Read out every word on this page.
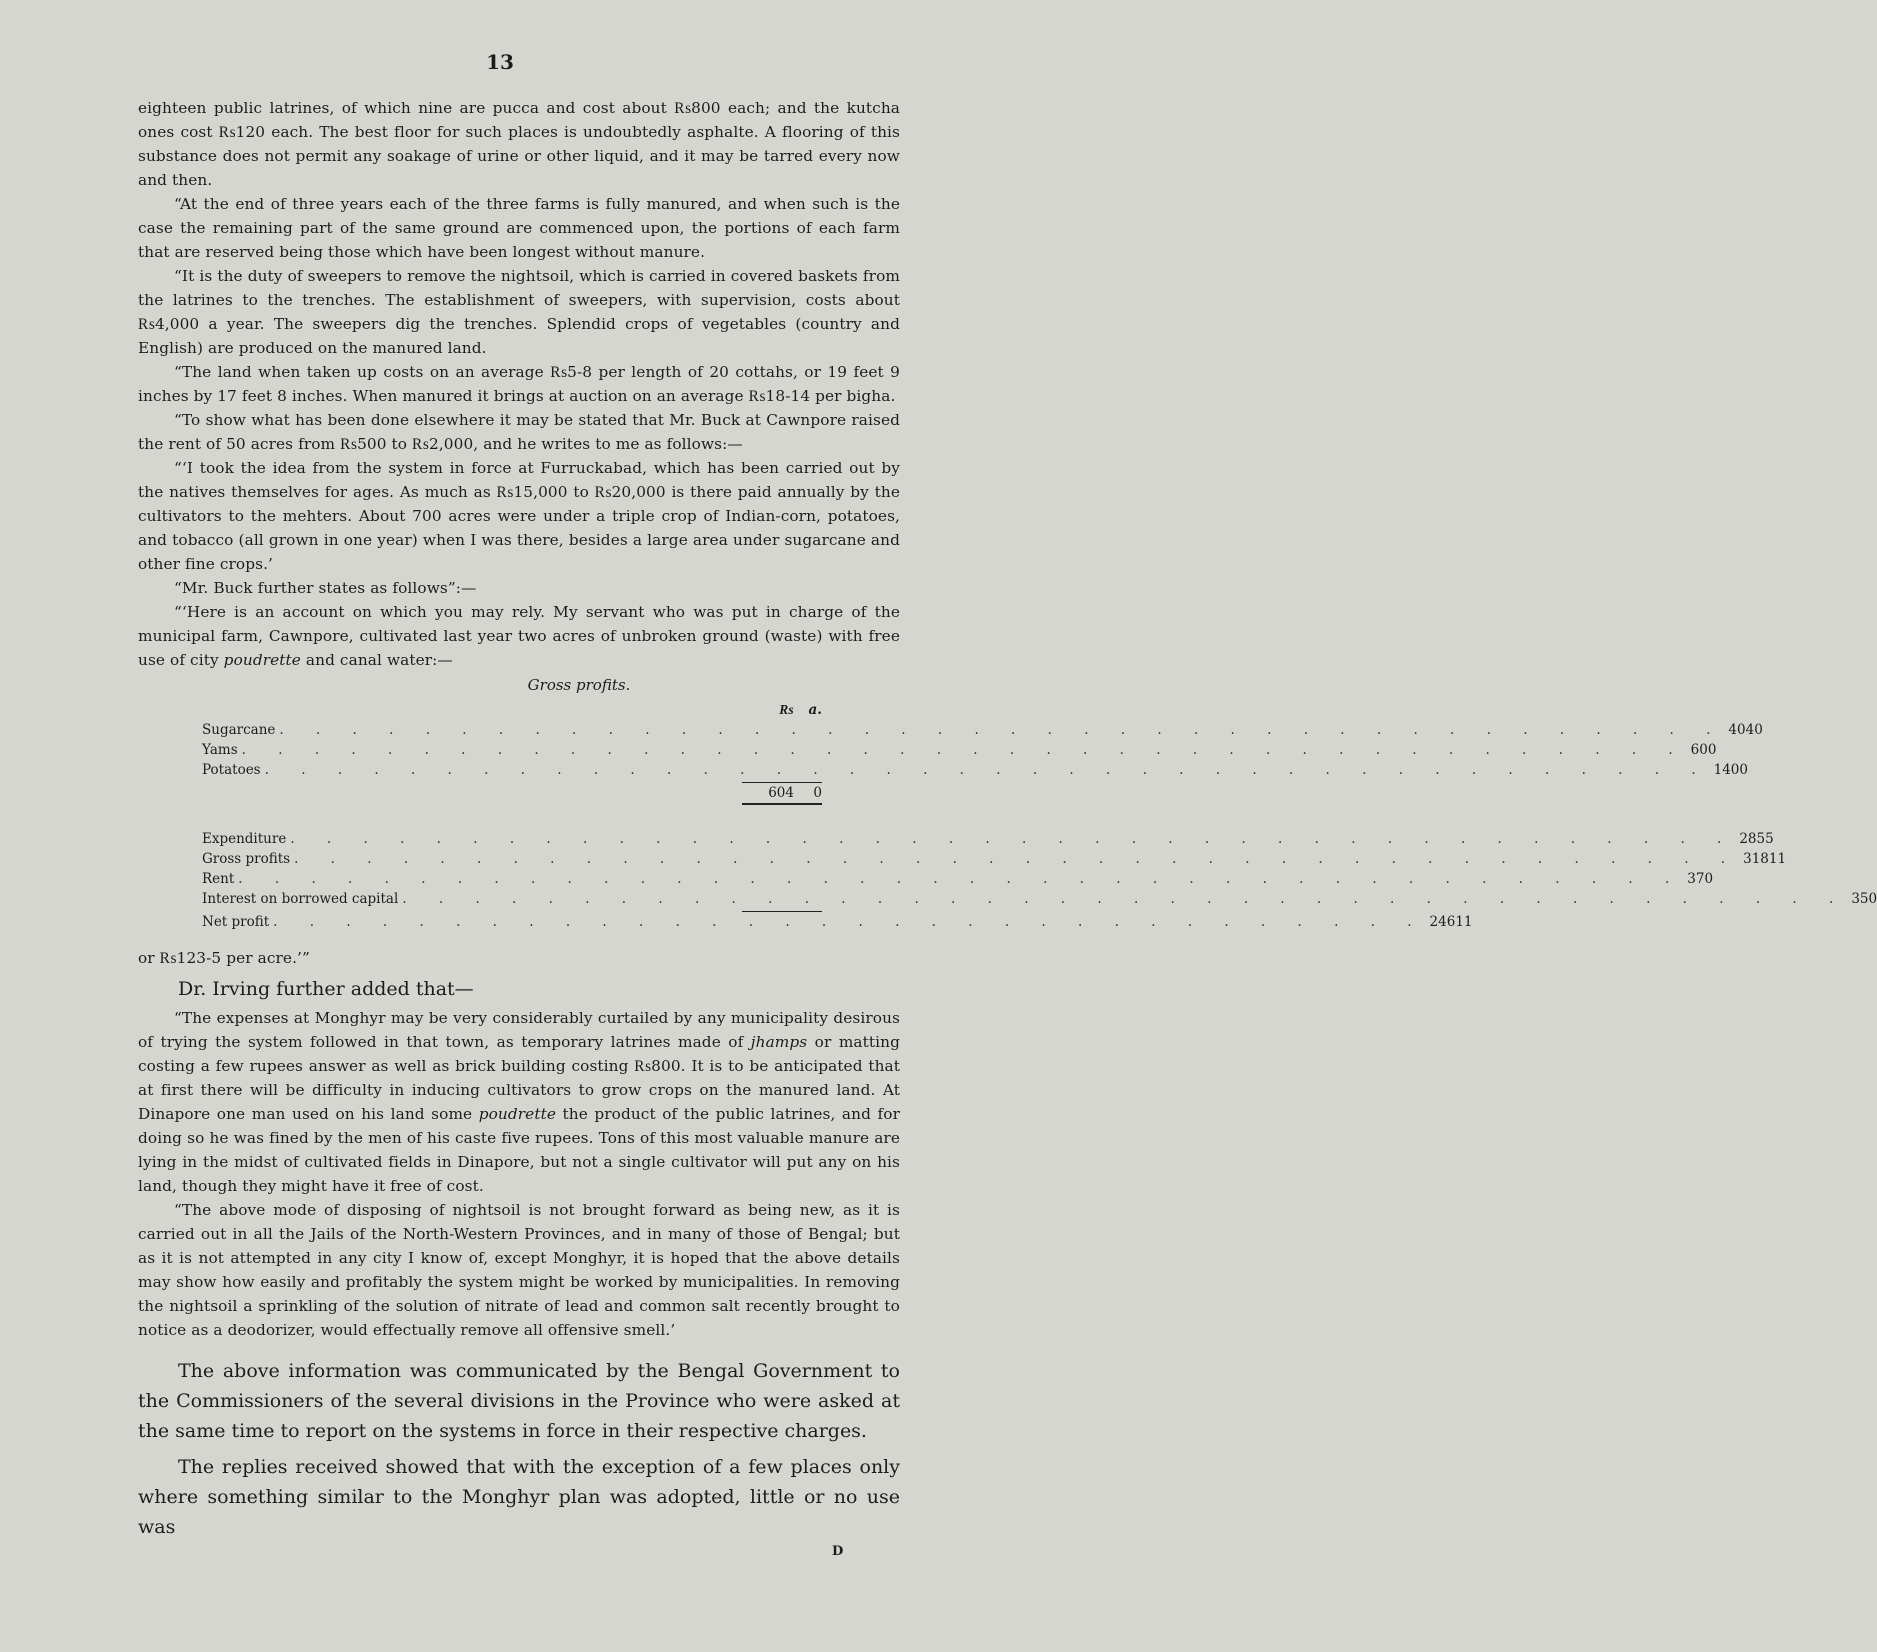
13

eighteen public latrines, of which nine are pucca and cost about ₨800 each; and the kutcha ones cost ₨120 each. The best floor for such places is undoubtedly asphalte. A flooring of this substance does not permit any soakage of urine or other liquid, and it may be tarred every now and then.

“At the end of three years each of the three farms is fully manured, and when such is the case the remaining part of the same ground are commenced upon, the portions of each farm that are reserved being those which have been longest without manure.

“It is the duty of sweepers to remove the nightsoil, which is carried in covered baskets from the latrines to the trenches. The establishment of sweepers, with supervision, costs about ₨4,000 a year. The sweepers dig the trenches. Splendid crops of vegetables (country and English) are produced on the manured land.

“The land when taken up costs on an average ₨5-8 per length of 20 cottahs, or 19 feet 9 inches by 17 feet 8 inches. When manured it brings at auction on an average ₨18-14 per bigha.

“To show what has been done elsewhere it may be stated that Mr. Buck at Cawnpore raised the rent of 50 acres from ₨500 to ₨2,000, and he writes to me as follows:—

“‘I took the idea from the system in force at Furruckabad, which has been carried out by the natives themselves for ages. As much as ₨15,000 to ₨20,000 is there paid annually by the cultivators to the mehters. About 700 acres were under a triple crop of Indian-corn, potatoes, and tobacco (all grown in one year) when I was there, besides a large area under sugarcane and other fine crops.’

“Mr. Buck further states as follows”:—

“‘Here is an account on which you may rely. My servant who was put in charge of the municipal farm, Cawnpore, cultivated last year two acres of unbroken ground (waste) with free use of city poudrette and canal water:—

Gross profits.
₨	a.
Sugarcane . . . . . . . . . . . . . . . . . . . . . . . . . . . . . . . . . . . . . . . . 404 0
Yams . . . . . . . . . . . . . . . . . . . . . . . . . . . . . . . . . . . . . . . . 60 0
Potatoes . . . . . . . . . . . . . . . . . . . . . . . . . . . . . . . . . . . . . . . . 140 0
604	0
Expenditure . . . . . . . . . . . . . . . . . . . . . . . . . . . . . . . . . . . . . . . . 285 5
Gross profits . . . . . . . . . . . . . . . . . . . . . . . . . . . . . . . . . . . . . . . . 318 11
Rent . . . . . . . . . . . . . . . . . . . . . . . . . . . . . . . . . . . . . . . . 37 0
Interest on borrowed capital . . . . . . . . . . . . . . . . . . . . . . . . . . . . . . . . . . . . . . . . 35 0
Net profit . . . . . . . . . . . . . . . . . . . . . . . . . . . . . . . . 246 11

or ₨123-5 per acre.’”

Dr. Irving further added that—

“The expenses at Monghyr may be very considerably curtailed by any municipality desirous of trying the system followed in that town, as temporary latrines made of jhamps or matting costing a few rupees answer as well as brick building costing ₨800. It is to be anticipated that at first there will be difficulty in inducing cultivators to grow crops on the manured land. At Dinapore one man used on his land some poudrette the product of the public latrines, and for doing so he was fined by the men of his caste five rupees. Tons of this most valuable manure are lying in the midst of cultivated fields in Dinapore, but not a single cultivator will put any on his land, though they might have it free of cost.

“The above mode of disposing of nightsoil is not brought forward as being new, as it is carried out in all the Jails of the North-Western Provinces, and in many of those of Bengal; but as it is not attempted in any city I know of, except Monghyr, it is hoped that the above details may show how easily and profitably the system might be worked by municipalities. In removing the nightsoil a sprinkling of the solution of nitrate of lead and common salt recently brought to notice as a deodorizer, would effectually remove all offensive smell.’

The above information was communicated by the Bengal Government to the Commissioners of the several divisions in the Province who were asked at the same time to report on the systems in force in their respective charges.

The replies received showed that with the exception of a few places only where something similar to the Monghyr plan was adopted, little or no use was

D
